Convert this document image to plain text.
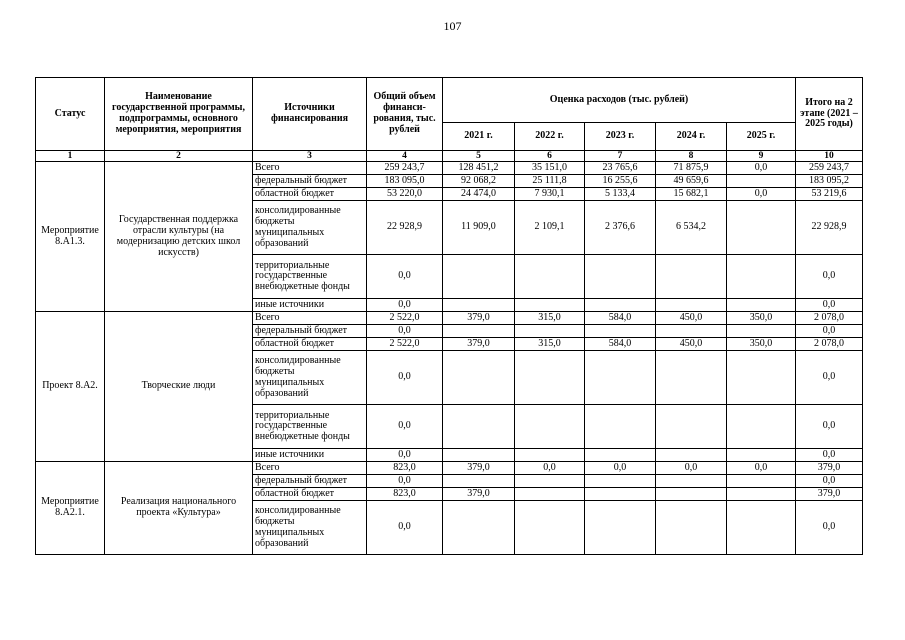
107
Статус	Наименование государственной программы, подпрограммы, основного мероприятия, мероприятия	Источники финансирования	Общий объем финанси-рования, тыс. рублей	Оценка расходов (тыс. рублей)					Итого на 2 этапе (2021 – 2025 годы)
				2021 г.	2022 г.	2023 г.	2024 г.	2025 г.	
1	2	3	4	5	6	7	8	9	10
Мероприятие 8.А1.3.	Государственная поддержка отрасли культуры (на модернизацию детских школ искусств)	Всего	259 243,7	128 451,2	35 151,0	23 765,6	71 875,9	0,0	259 243,7
		федеральный бюджет	183 095,0	92 068,2	25 111,8	16 255,6	49 659,6		183 095,2
		областной бюджет	53 220,0	24 474,0	7 930,1	5 133,4	15 682,1	0,0	53 219,6
		консолидированные бюджеты муниципальных образований	22 928,9	11 909,0	2 109,1	2 376,6	6 534,2		22 928,9
		территориальные государственные внебюджетные фонды	0,0						0,0
		иные источники	0,0						0,0
Проект 8.А2.	Творческие люди	Всего	2 522,0	379,0	315,0	584,0	450,0	350,0	2 078,0
		федеральный бюджет	0,0						0,0
		областной бюджет	2 522,0	379,0	315,0	584,0	450,0	350,0	2 078,0
		консолидированные бюджеты муниципальных образований	0,0						0,0
		территориальные государственные внебюджетные фонды	0,0						0,0
		иные источники	0,0						0,0
Мероприятие 8.А2.1.	Реализация национального проекта «Культура»	Всего	823,0	379,0	0,0	0,0	0,0	0,0	379,0
		федеральный бюджет	0,0						0,0
		областной бюджет	823,0	379,0					379,0
		консолидированные бюджеты муниципальных образований	0,0						0,0
